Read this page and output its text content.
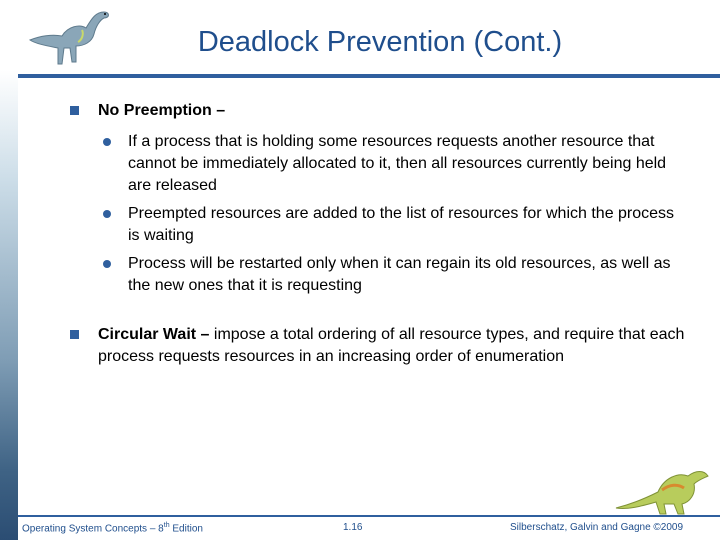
Deadlock Prevention (Cont.)
No Preemption –
If a process that is holding some resources requests another resource that cannot be immediately allocated to it, then all resources currently being held are released
Preempted resources are added to the list of resources for which the process is waiting
Process will be restarted only when it can regain its old resources, as well as the new ones that it is requesting
Circular Wait – impose a total ordering of all resource types, and require that each process requests resources in an increasing order of enumeration
Operating System Concepts – 8th Edition	1.16	Silberschatz, Galvin and Gagne ©2009
